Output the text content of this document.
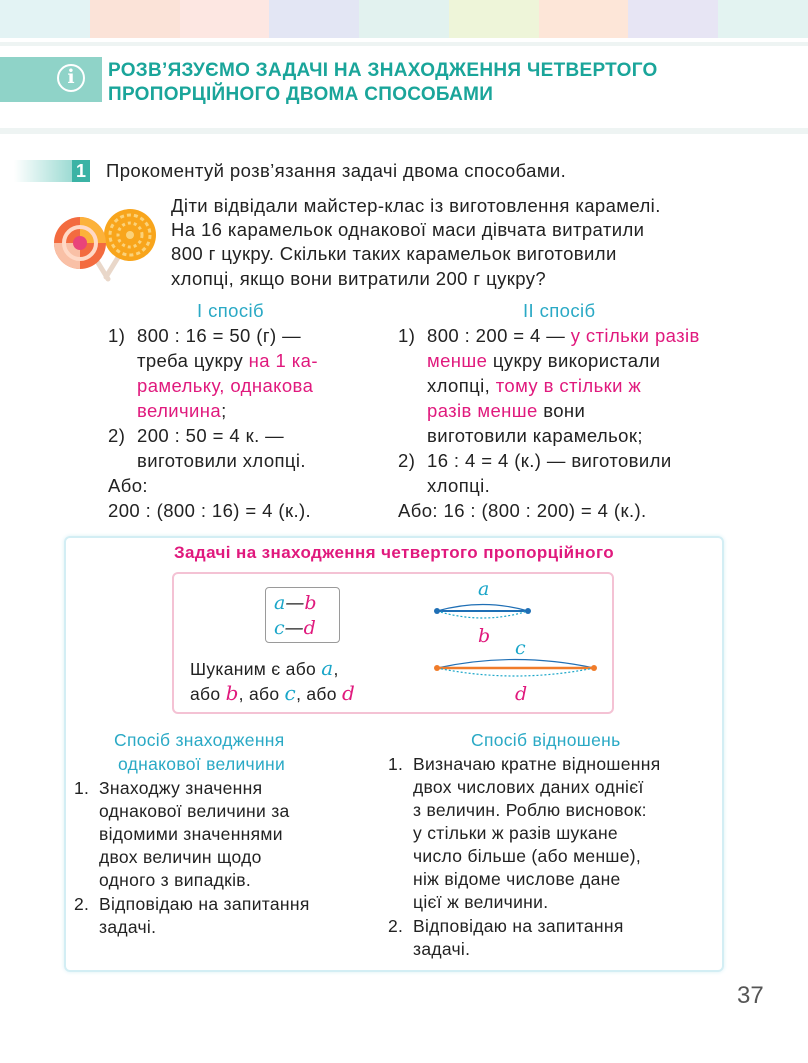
i	РОЗВ’ЯЗУЄМО ЗАДАЧІ НА ЗНАХОДЖЕННЯ ЧЕТВЕРТОГО
ПРОПОРЦІЙНОГО ДВОМА СПОСОБАМИ
1 Прокоментуй розв’язання задачі двома способами.
Діти відвідали майстер-клас із виготовлення карамелі.
На 16 карамельок однакової маси дівчата витратили
800 г цукру. Скільки таких карамельок виготовили
хлопці, якщо вони витратили 200 г цукру?
І спосіб
1) 800 : 16 = 50 (г) —
треба цукру на 1 ка-
рамельку, однакова
величина;
2) 200 : 50 = 4 к. —
виготовили хлопці.
Або:
200 : (800 : 16) = 4 (к.).
ІІ спосіб
1) 800 : 200 = 4 — у стільки разів
менше цукру використали
хлопці, тому в стільки ж
разів менше вони
виготовили карамельок;
2) 16 : 4 = 4 (к.) — виготовили
хлопці.
Або: 16 : (800 : 200) = 4 (к.).
Задачі на знаходження четвертого пропорційного
a—b
c—d
Шуканим є або a,
або b, або c, або d
a
b
c
d
Спосіб знаходження
однакової величини
1. Знаходжу значення
однакової величини за
відомими значеннями
двох величин щодо
одного з випадків.
2. Відповідаю на запитання
задачі.
Спосіб відношень
1. Визначаю кратне відношення
двох числових даних однієї
з величин. Роблю висновок:
у стільки ж разів шукане
число більше (або менше),
ніж відоме числове дане
цієї ж величини.
2. Відповідаю на запитання
задачі.
37
